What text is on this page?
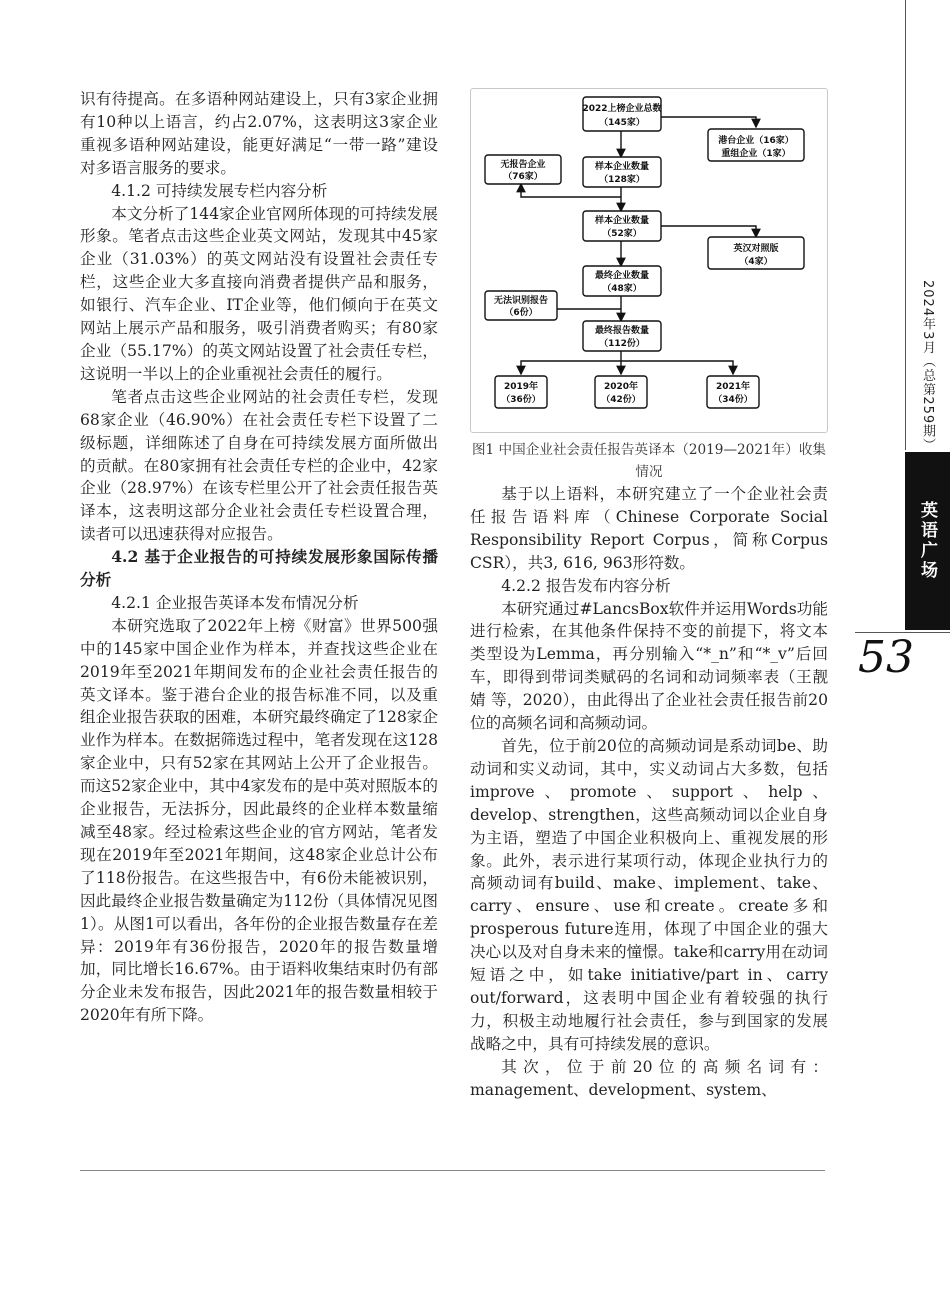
识有待提高。在多语种网站建设上，只有3家企业拥有10种以上语言，约占2.07%，这表明这3家企业重视多语种网站建设，能更好满足“一带一路”建设对多语言服务的要求。

4.1.2 可持续发展专栏内容分析

本文分析了144家企业官网所体现的可持续发展形象。笔者点击这些企业英文网站，发现其中45家企业（31.03%）的英文网站没有设置社会责任专栏，这些企业大多直接向消费者提供产品和服务，如银行、汽车企业、IT企业等，他们倾向于在英文网站上展示产品和服务，吸引消费者购买；有80家企业（55.17%）的英文网站设置了社会责任专栏，这说明一半以上的企业重视社会责任的履行。

笔者点击这些企业网站的社会责任专栏，发现68家企业（46.90%）在社会责任专栏下设置了二级标题，详细陈述了自身在可持续发展方面所做出的贡献。在80家拥有社会责任专栏的企业中，42家企业（28.97%）在该专栏里公开了社会责任报告英译本，这表明这部分企业社会责任专栏设置合理，读者可以迅速获得对应报告。

4.2 基于企业报告的可持续发展形象国际传播分析

4.2.1 企业报告英译本发布情况分析

本研究选取了2022年上榜《财富》世界500强中的145家中国企业作为样本，并查找这些企业在2019年至2021年期间发布的企业社会责任报告的英文译本。鉴于港台企业的报告标准不同，以及重组企业报告获取的困难，本研究最终确定了128家企业作为样本。在数据筛选过程中，笔者发现在这128家企业中，只有52家在其网站上公开了企业报告。而这52家企业中，其中4家发布的是中英对照版本的企业报告，无法拆分，因此最终的企业样本数量缩减至48家。经过检索这些企业的官方网站，笔者发现在2019年至2021年期间，这48家企业总计公布了118份报告。在这些报告中，有6份未能被识别，因此最终企业报告数量确定为112份（具体情况见图1）。从图1可以看出，各年份的企业报告数量存在差异：2019年有36份报告，2020年的报告数量增加，同比增长16.67%。由于语料收集结束时仍有部分企业未发布报告，因此2021年的报告数量相较于2020年有所下降。

2022上榜企业总数
（145家）
港台企业（16家）
重组企业（1家）
样本企业数量
（128家）
无报告企业
（76家）
样本企业数量
（52家）
英汉对照版
（4家）
最终企业数量
（48家）
无法识别报告
（6份）
最终报告数量
（112份）
2019年
（36份）
2020年
（42份）
2021年
（34份）

图1 中国企业社会责任报告英译本（2019—2021年）收集情况

基于以上语料，本研究建立了一个企业社会责任报告语料库（Chinese Corporate Social Responsibility Report Corpus，简称Corpus CSR），共3, 616, 963形符数。

4.2.2 报告发布内容分析

本研究通过#LancsBox软件并运用Words功能进行检索，在其他条件保持不变的前提下，将文本类型设为Lemma，再分别输入“*_n”和“*_v”后回车，即得到带词类赋码的名词和动词频率表（王靓婧 等，2020），由此得出了企业社会责任报告前20位的高频名词和高频动词。

首先，位于前20位的高频动词是系动词be、助动词和实义动词，其中，实义动词占大多数，包括improve、promote、support、help、develop、strengthen，这些高频动词以企业自身为主语，塑造了中国企业积极向上、重视发展的形象。此外，表示进行某项行动，体现企业执行力的高频动词有build、make、implement、take、carry、ensure、use和create。create多和prosperous future连用，体现了中国企业的强大决心以及对自身未来的憧憬。take和carry用在动词短语之中，如take initiative/part in、carry out/forward，这表明中国企业有着较强的执行力，积极主动地履行社会责任，参与到国家的发展战略之中，具有可持续发展的意识。

其次，位于前20位的高频名词有：management、development、system、

2024年3月（总第259期）
英语广场
53
